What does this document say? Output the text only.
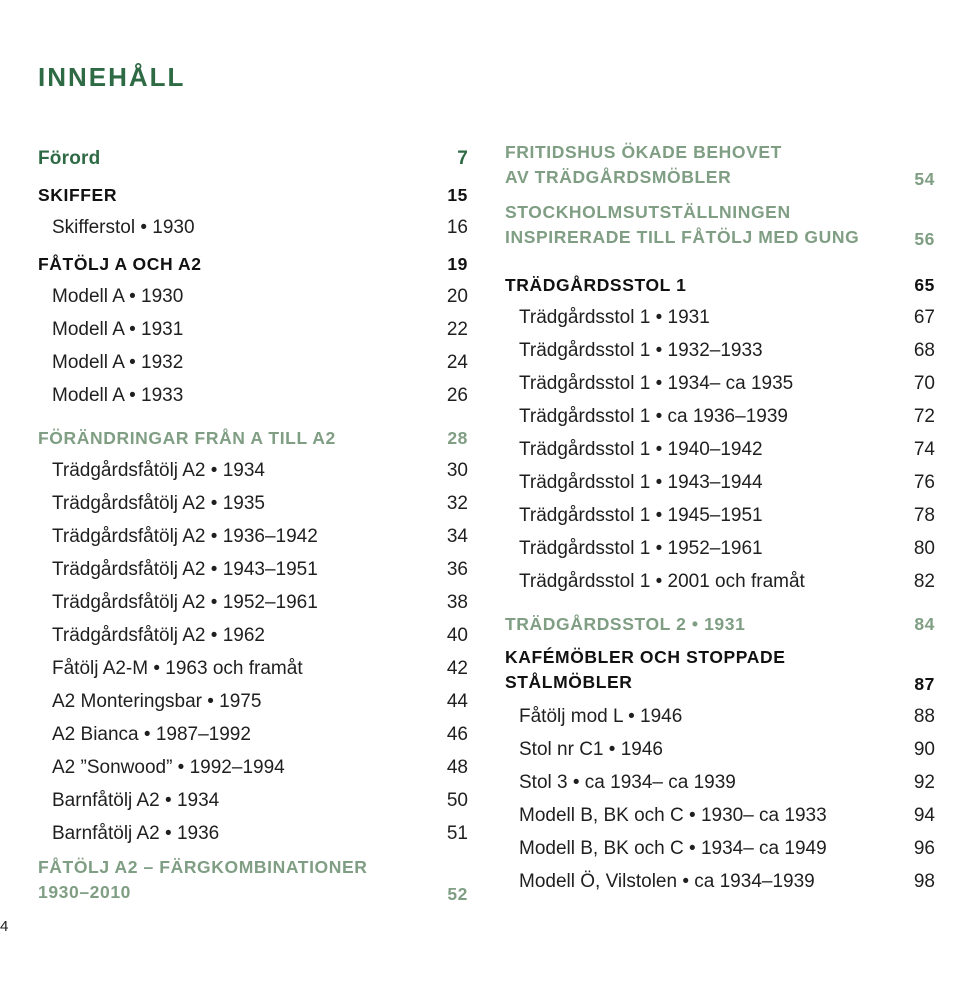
INNEHÅLL
Förord	7
SKIFFER	15
Skifferstol • 1930	16
FÅTÖLJ A OCH A2	19
Modell A • 1930	20
Modell A • 1931	22
Modell A • 1932	24
Modell A • 1933	26
FÖRÄNDRINGAR FRÅN A TILL A2	28
Trädgårdsfåtölj A2 • 1934	30
Trädgårdsfåtölj A2 • 1935	32
Trädgårdsfåtölj A2 • 1936–1942	34
Trädgårdsfåtölj A2 • 1943–1951	36
Trädgårdsfåtölj A2 • 1952–1961	38
Trädgårdsfåtölj A2 • 1962	40
Fåtölj A2-M • 1963 och framåt	42
A2 Monteringsbar • 1975	44
A2 Bianca • 1987–1992	46
A2 ”Sonwood” • 1992–1994	48
Barnfåtölj A2 • 1934	50
Barnfåtölj A2 • 1936	51
FÅTÖLJ A2 – FÄRGKOMBINATIONER
1930–2010	52
FRITIDSHUS ÖKADE BEHOVET
AV TRÄDGÅRDSMÖBLER	54
STOCKHOLMSUTSTÄLLNINGEN
INSPIRERADE TILL FÅTÖLJ MED GUNG	56
TRÄDGÅRDSSTOL 1	65
Trädgårdsstol 1 • 1931	67
Trädgårdsstol 1 • 1932–1933	68
Trädgårdsstol 1 • 1934– ca 1935	70
Trädgårdsstol 1 • ca 1936–1939	72
Trädgårdsstol 1 • 1940–1942	74
Trädgårdsstol 1 • 1943–1944	76
Trädgårdsstol 1 • 1945–1951	78
Trädgårdsstol 1 • 1952–1961	80
Trädgårdsstol 1 • 2001 och framåt	82
TRÄDGÅRDSSTOL 2 • 1931	84
KAFÉMÖBLER OCH STOPPADE
STÅLMÖBLER	87
Fåtölj mod L • 1946	88
Stol nr C1 • 1946	90
Stol 3 • ca 1934– ca 1939	92
Modell B, BK och C • 1930– ca 1933	94
Modell B, BK och C • 1934– ca 1949	96
Modell Ö, Vilstolen • ca 1934–1939	98
4
